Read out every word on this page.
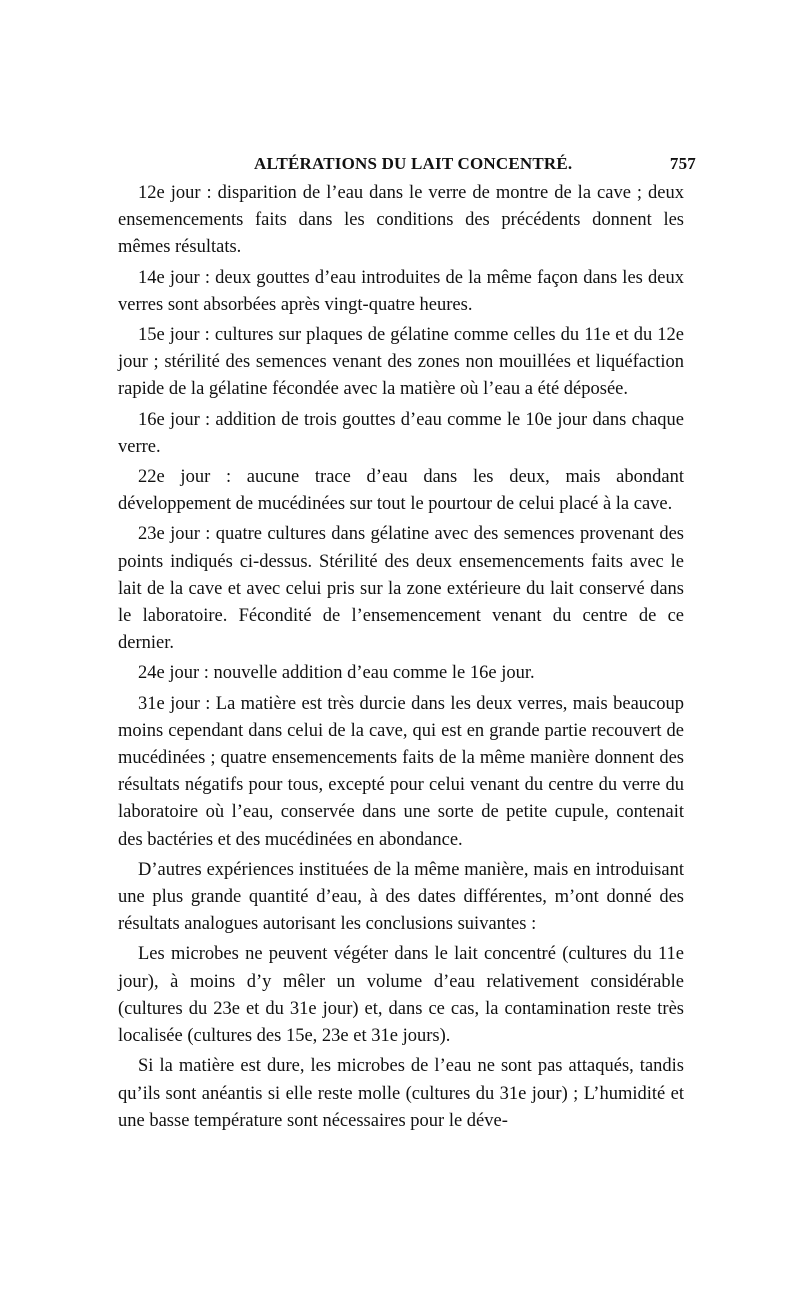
ALTÉRATIONS DU LAIT CONCENTRÉ.	757

12e jour : disparition de l’eau dans le verre de montre de la cave ; deux ensemencements faits dans les conditions des précédents donnent les mêmes résultats.

14e jour : deux gouttes d’eau introduites de la même façon dans les deux verres sont absorbées après vingt-quatre heures.

15e jour : cultures sur plaques de gélatine comme celles du 11e et du 12e jour ; stérilité des semences venant des zones non mouillées et liquéfaction rapide de la gélatine fécondée avec la matière où l’eau a été déposée.

16e jour : addition de trois gouttes d’eau comme le 10e jour dans chaque verre.

22e jour : aucune trace d’eau dans les deux, mais abondant développement de mucédinées sur tout le pourtour de celui placé à la cave.

23e jour : quatre cultures dans gélatine avec des semences provenant des points indiqués ci-dessus. Stérilité des deux ensemencements faits avec le lait de la cave et avec celui pris sur la zone extérieure du lait conservé dans le laboratoire. Fécondité de l’ensemencement venant du centre de ce dernier.

24e jour : nouvelle addition d’eau comme le 16e jour.

31e jour : La matière est très durcie dans les deux verres, mais beaucoup moins cependant dans celui de la cave, qui est en grande partie recouvert de mucédinées ; quatre ensemencements faits de la même manière donnent des résultats négatifs pour tous, excepté pour celui venant du centre du verre du laboratoire où l’eau, conservée dans une sorte de petite cupule, contenait des bactéries et des mucédinées en abondance.

D’autres expériences instituées de la même manière, mais en introduisant une plus grande quantité d’eau, à des dates différentes, m’ont donné des résultats analogues autorisant les conclusions suivantes :

Les microbes ne peuvent végéter dans le lait concentré (cultures du 11e jour), à moins d’y mêler un volume d’eau relativement considérable (cultures du 23e et du 31e jour) et, dans ce cas, la contamination reste très localisée (cultures des 15e, 23e et 31e jours).

Si la matière est dure, les microbes de l’eau ne sont pas attaqués, tandis qu’ils sont anéantis si elle reste molle (cultures du 31e jour) ; L’humidité et une basse température sont nécessaires pour le déve-
